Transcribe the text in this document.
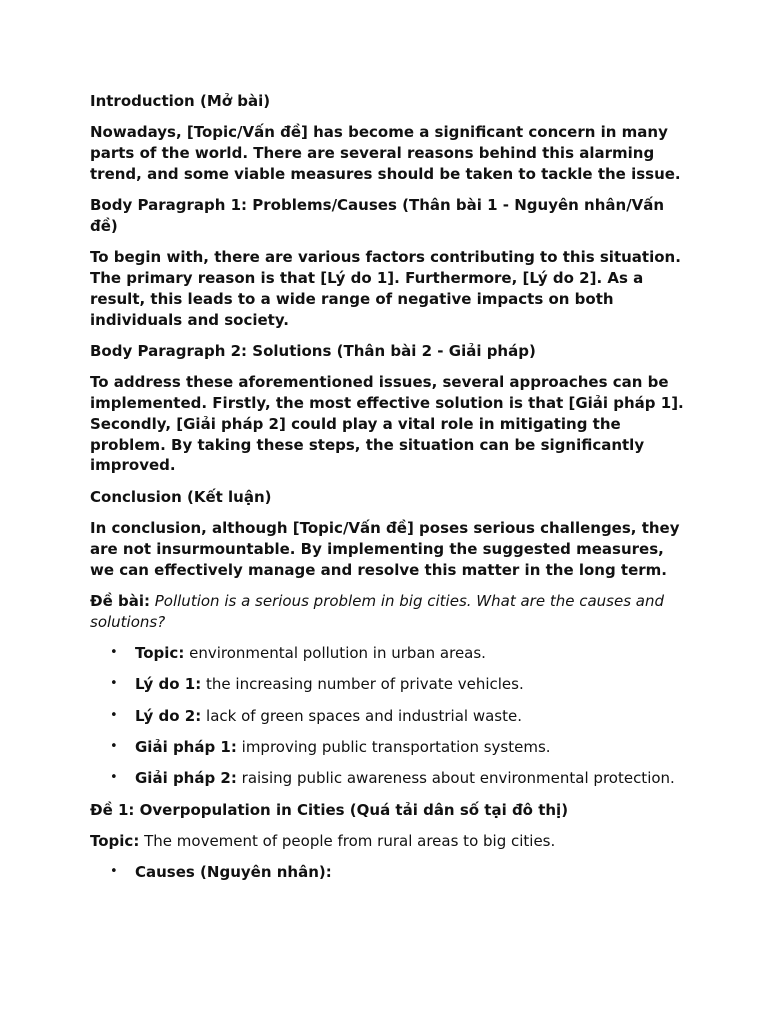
Introduction (Mở bài)

Nowadays, [Topic/Vấn đề] has become a significant concern in many parts of the world. There are several reasons behind this alarming trend, and some viable measures should be taken to tackle the issue.

Body Paragraph 1: Problems/Causes (Thân bài 1 - Nguyên nhân/Vấn đề)

To begin with, there are various factors contributing to this situation. The primary reason is that [Lý do 1]. Furthermore, [Lý do 2]. As a result, this leads to a wide range of negative impacts on both individuals and society.

Body Paragraph 2: Solutions (Thân bài 2 - Giải pháp)

To address these aforementioned issues, several approaches can be implemented. Firstly, the most effective solution is that [Giải pháp 1]. Secondly, [Giải pháp 2] could play a vital role in mitigating the problem. By taking these steps, the situation can be significantly improved.

Conclusion (Kết luận)

In conclusion, although [Topic/Vấn đề] poses serious challenges, they are not insurmountable. By implementing the suggested measures, we can effectively manage and resolve this matter in the long term.

Đề bài: Pollution is a serious problem in big cities. What are the causes and solutions?

• Topic: environmental pollution in urban areas.
• Lý do 1: the increasing number of private vehicles.
• Lý do 2: lack of green spaces and industrial waste.
• Giải pháp 1: improving public transportation systems.
• Giải pháp 2: raising public awareness about environmental protection.

Đề 1: Overpopulation in Cities (Quá tải dân số tại đô thị)

Topic: The movement of people from rural areas to big cities.

• Causes (Nguyên nhân):
